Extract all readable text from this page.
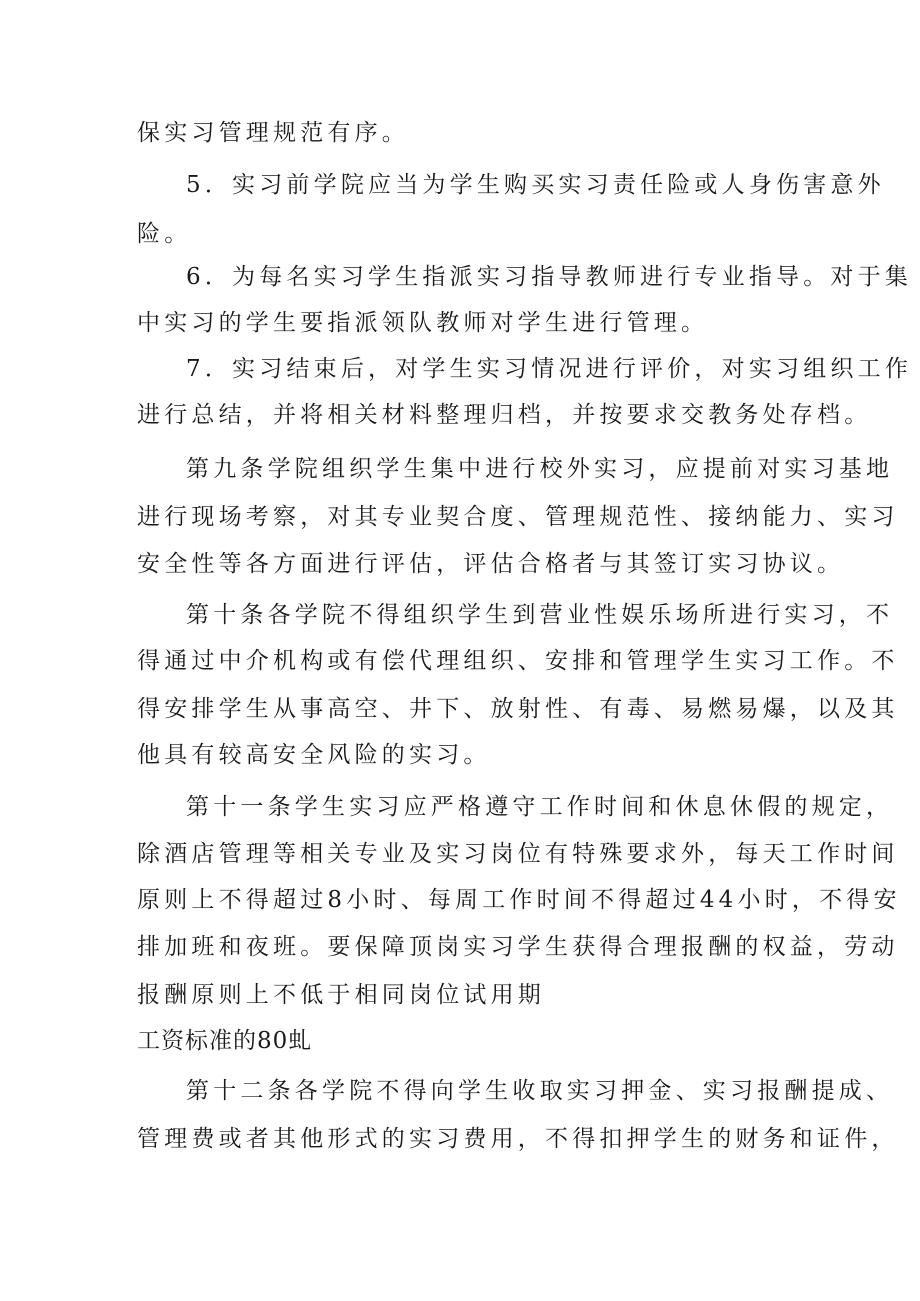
保实习管理规范有序。
5．实习前学院应当为学生购买实习责任险或人身伤害意外
险。
6．为每名实习学生指派实习指导教师进行专业指导。对于集
中实习的学生要指派领队教师对学生进行管理。
7．实习结束后，对学生实习情况进行评价，对实习组织工作
进行总结，并将相关材料整理归档，并按要求交教务处存档。
第九条学院组织学生集中进行校外实习，应提前对实习基地
进行现场考察，对其专业契合度、管理规范性、接纳能力、实习
安全性等各方面进行评估，评估合格者与其签订实习协议。
第十条各学院不得组织学生到营业性娱乐场所进行实习，不
得通过中介机构或有偿代理组织、安排和管理学生实习工作。不
得安排学生从事高空、井下、放射性、有毒、易燃易爆，以及其
他具有较高安全风险的实习。
第十一条学生实习应严格遵守工作时间和休息休假的规定，
除酒店管理等相关专业及实习岗位有特殊要求外，每天工作时间
原则上不得超过8小时、每周工作时间不得超过44小时，不得安
排加班和夜班。要保障顶岗实习学生获得合理报酬的权益，劳动
报酬原则上不低于相同岗位试用期
工资标准的80虬
第十二条各学院不得向学生收取实习押金、实习报酬提成、
管理费或者其他形式的实习费用，不得扣押学生的财务和证件，
